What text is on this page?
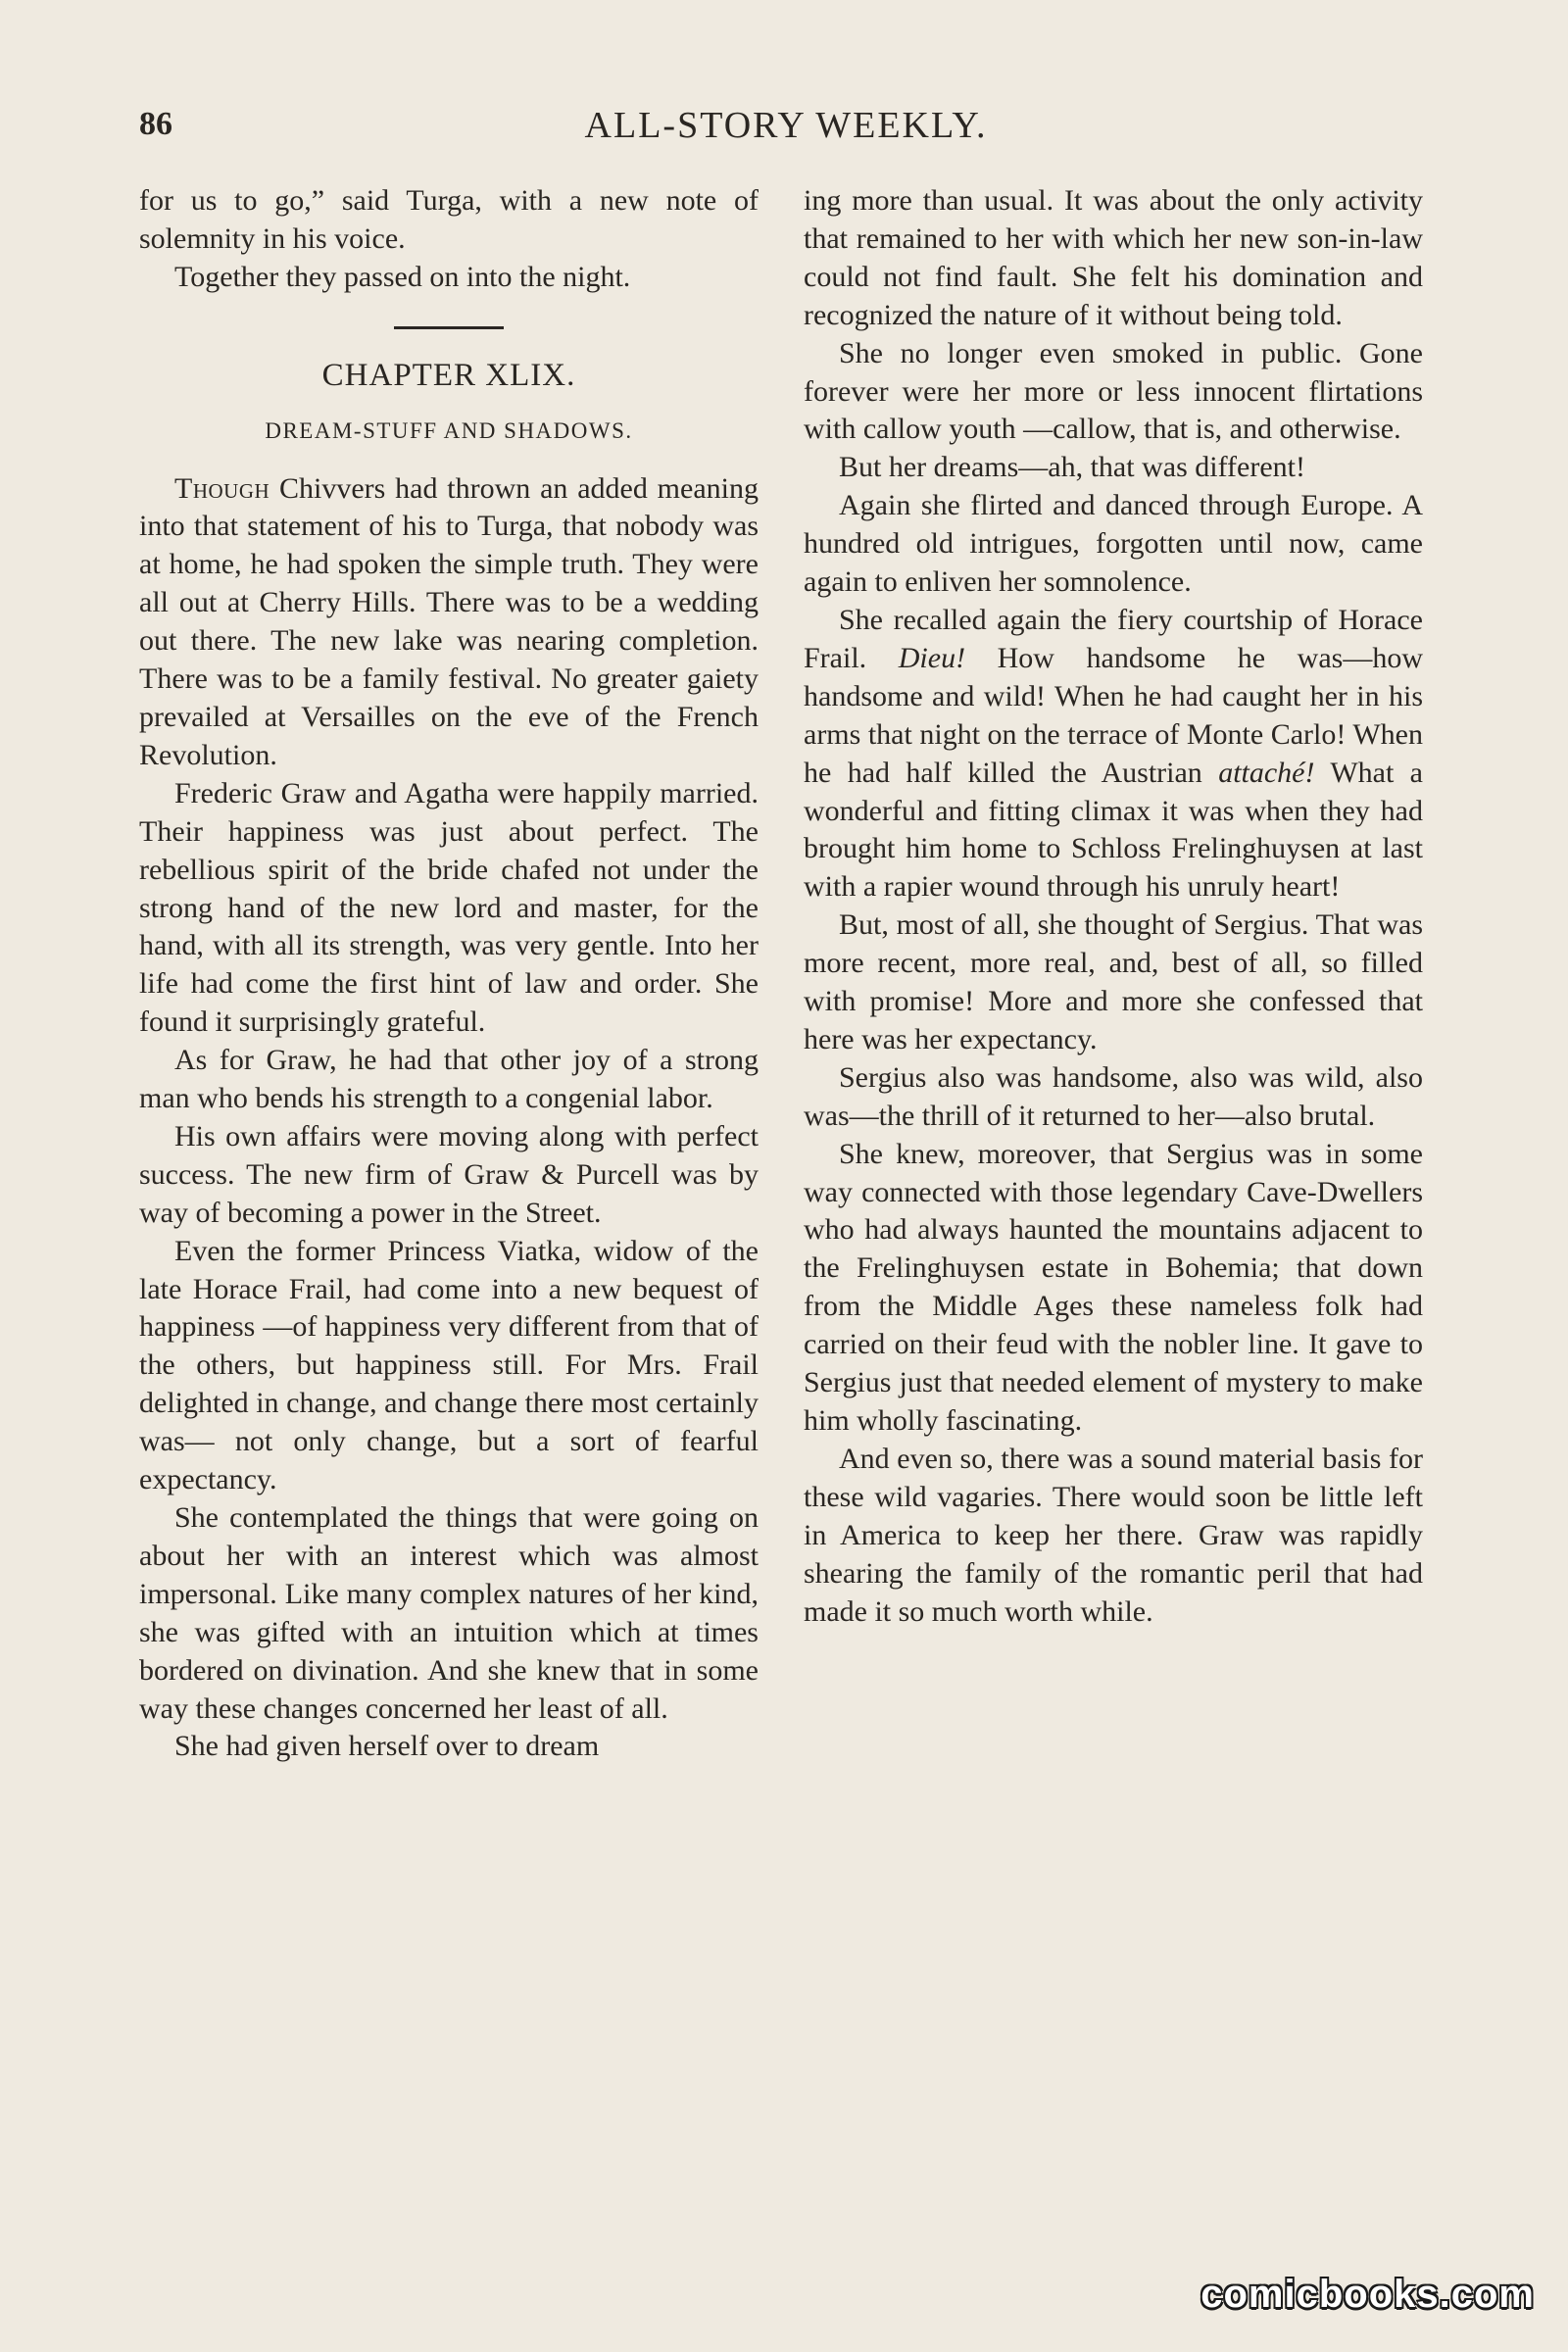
86	ALL-STORY WEEKLY.

for us to go,” said Turga, with a new note of solemnity in his voice.

Together they passed on into the night.

CHAPTER XLIX.
DREAM-STUFF AND SHADOWS.

Though Chivvers had thrown an added meaning into that statement of his to Turga, that nobody was at home, he had spoken the simple truth. They were all out at Cherry Hills. There was to be a wedding out there. The new lake was nearing completion. There was to be a family festival. No greater gaiety prevailed at Versailles on the eve of the French Revolution.

Frederic Graw and Agatha were happily married. Their happiness was just about perfect. The rebellious spirit of the bride chafed not under the strong hand of the new lord and master, for the hand, with all its strength, was very gentle. Into her life had come the first hint of law and order. She found it surprisingly grateful.

As for Graw, he had that other joy of a strong man who bends his strength to a congenial labor.

His own affairs were moving along with perfect success. The new firm of Graw & Purcell was by way of becoming a power in the Street.

Even the former Princess Viatka, widow of the late Horace Frail, had come into a new bequest of happiness —of happiness very different from that of the others, but happiness still. For Mrs. Frail delighted in change, and change there most certainly was— not only change, but a sort of fearful expectancy.

She contemplated the things that were going on about her with an interest which was almost impersonal. Like many complex natures of her kind, she was gifted with an intuition which at times bordered on divination. And she knew that in some way these changes concerned her least of all.

She had given herself over to dream

ing more than usual. It was about the only activity that remained to her with which her new son-in-law could not find fault. She felt his domination and recognized the nature of it without being told.

She no longer even smoked in public. Gone forever were her more or less innocent flirtations with callow youth —callow, that is, and otherwise.

But her dreams—ah, that was different!

Again she flirted and danced through Europe. A hundred old intrigues, forgotten until now, came again to enliven her somnolence.

She recalled again the fiery courtship of Horace Frail. Dieu! How handsome he was—how handsome and wild! When he had caught her in his arms that night on the terrace of Monte Carlo! When he had half killed the Austrian attaché! What a wonderful and fitting climax it was when they had brought him home to Schloss Frelinghuysen at last with a rapier wound through his unruly heart!

But, most of all, she thought of Sergius. That was more recent, more real, and, best of all, so filled with promise! More and more she confessed that here was her expectancy.

Sergius also was handsome, also was wild, also was—the thrill of it returned to her—also brutal.

She knew, moreover, that Sergius was in some way connected with those legendary Cave-Dwellers who had always haunted the mountains adjacent to the Frelinghuysen estate in Bohemia; that down from the Middle Ages these nameless folk had carried on their feud with the nobler line. It gave to Sergius just that needed element of mystery to make him wholly fascinating.

And even so, there was a sound material basis for these wild vagaries. There would soon be little left in America to keep her there. Graw was rapidly shearing the family of the romantic peril that had made it so much worth while.

comicbooks.com
